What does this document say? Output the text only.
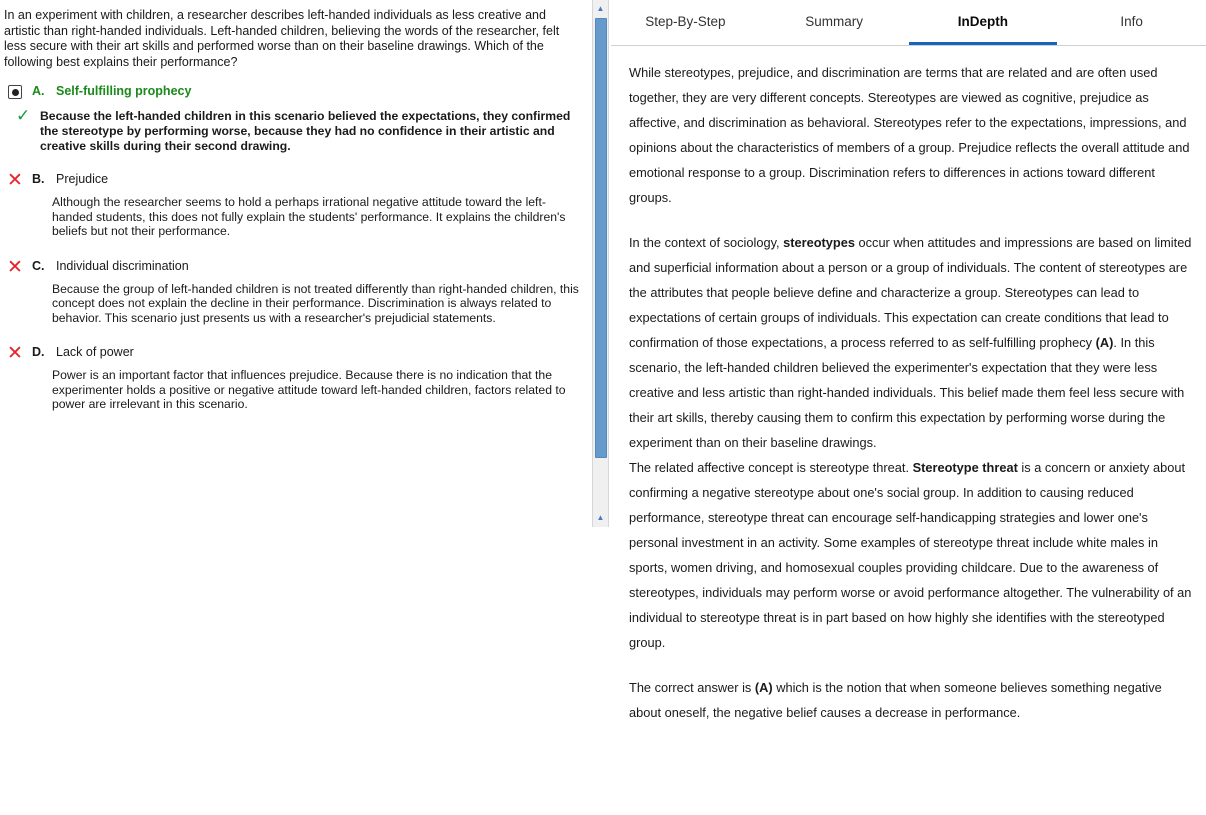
In an experiment with children, a researcher describes left-handed individuals as less creative and artistic than right-handed individuals. Left-handed children, believing the words of the researcher, felt less secure with their art skills and performed worse than on their baseline drawings. Which of the following best explains their performance?
A. Self-fulfilling prophecy
✓ Because the left-handed children in this scenario believed the expectations, they confirmed the stereotype by performing worse, because they had no confidence in their artistic and creative skills during their second drawing.
✕ B. Prejudice
Although the researcher seems to hold a perhaps irrational negative attitude toward the left-handed students, this does not fully explain the students' performance. It explains the children's beliefs but not their performance.
✕ C. Individual discrimination
Because the group of left-handed children is not treated differently than right-handed children, this concept does not explain the decline in their performance. Discrimination is always related to behavior. This scenario just presents us with a researcher's prejudicial statements.
✕ D. Lack of power
Power is an important factor that influences prejudice. Because there is no indication that the experimenter holds a positive or negative attitude toward left-handed children, factors related to power are irrelevant in this scenario.
▲
▲
Step-By-Step	Summary	InDepth	Info

While stereotypes, prejudice, and discrimination are terms that are related and are often used together, they are very different concepts. Stereotypes are viewed as cognitive, prejudice as affective, and discrimination as behavioral. Stereotypes refer to the expectations, impressions, and opinions about the characteristics of members of a group. Prejudice reflects the overall attitude and emotional response to a group. Discrimination refers to differences in actions toward different groups.

In the context of sociology, stereotypes occur when attitudes and impressions are based on limited and superficial information about a person or a group of individuals. The content of stereotypes are the attributes that people believe define and characterize a group. Stereotypes can lead to expectations of certain groups of individuals. This expectation can create conditions that lead to confirmation of those expectations, a process referred to as self-fulfilling prophecy (A). In this scenario, the left-handed children believed the experimenter's expectation that they were less creative and less artistic than right-handed individuals. This belief made them feel less secure with their art skills, thereby causing them to confirm this expectation by performing worse during the experiment than on their baseline drawings.

The related affective concept is stereotype threat. Stereotype threat is a concern or anxiety about confirming a negative stereotype about one's social group. In addition to causing reduced performance, stereotype threat can encourage self-handicapping strategies and lower one's personal investment in an activity. Some examples of stereotype threat include white males in sports, women driving, and homosexual couples providing childcare. Due to the awareness of stereotypes, individuals may perform worse or avoid performance altogether. The vulnerability of an individual to stereotype threat is in part based on how highly she identifies with the stereotyped group.

The correct answer is (A) which is the notion that when someone believes something negative about oneself, the negative belief causes a decrease in performance.
